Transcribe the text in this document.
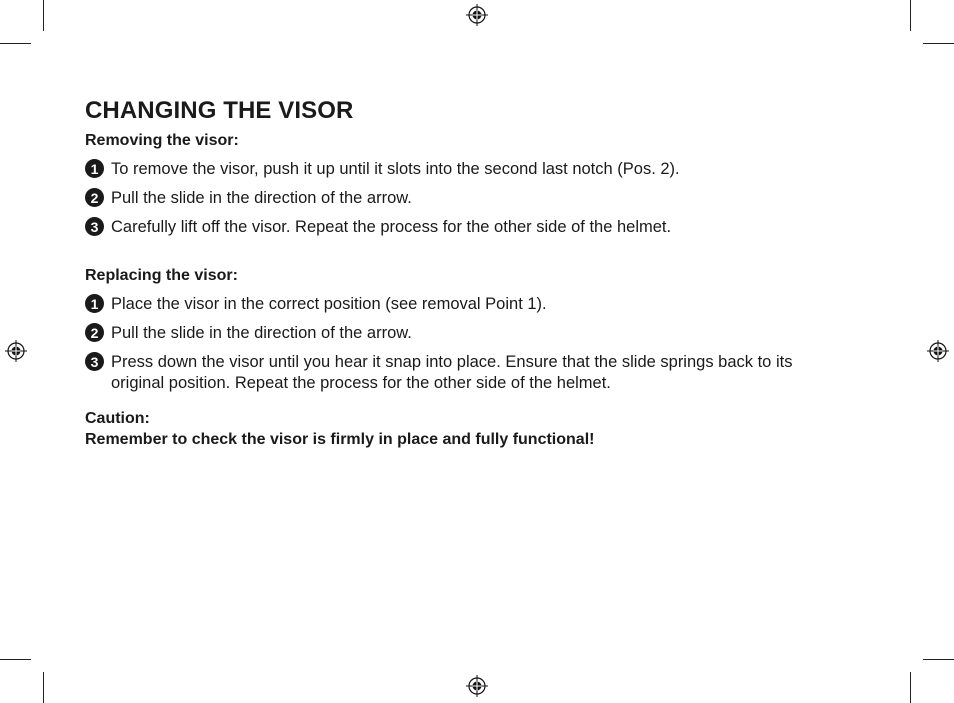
CHANGING THE VISOR
Removing the visor:
1 To remove the visor, push it up until it slots into the second last notch (Pos. 2).
2 Pull the slide in the direction of the arrow.
3 Carefully lift off the visor. Repeat the process for the other side of the helmet.
Replacing the visor:
1 Place the visor in the correct position (see removal Point 1).
2 Pull the slide in the direction of the arrow.
3 Press down the visor until you hear it snap into place. Ensure that the slide springs back to its original position. Repeat the process for the other side of the helmet.
Caution:
Remember to check the visor is firmly in place and fully functional!
